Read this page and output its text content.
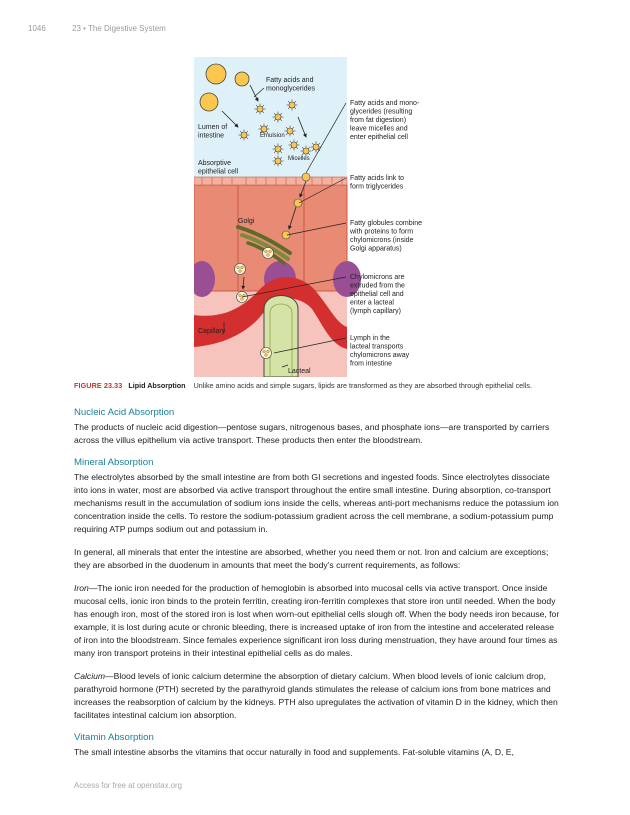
1046	23 • The Digestive System
Fatty acids and monoglycerides
Lumen of intestine	Emulsion
Micelles
Absorptive epithelial cell
Golgi
Capillary
Lacteal
Fatty acids and mono- glycerides (resulting from fat digestion) leave micelles and enter epithelial cell
Fatty acids link to form triglycerides
Fatty globules combine with proteins to form chylomicrons (inside Golgi apparatus)
Chylomicrons are extruded from the epithelial cell and enter a lacteal (lymph capillary)
Lymph in the lacteal transports chylomicrons away from intestine
FIGURE 23.33 Lipid Absorption Unlike amino acids and simple sugars, lipids are transformed as they are absorbed through epithelial cells.
Nucleic Acid Absorption

The products of nucleic acid digestion—pentose sugars, nitrogenous bases, and phosphate ions—are transported by carriers across the villus epithelium via active transport. These products then enter the bloodstream.

Mineral Absorption

The electrolytes absorbed by the small intestine are from both GI secretions and ingested foods. Since electrolytes dissociate into ions in water, most are absorbed via active transport throughout the entire small intestine. During absorption, co-transport mechanisms result in the accumulation of sodium ions inside the cells, whereas anti-port mechanisms reduce the potassium ion concentration inside the cells. To restore the sodium-potassium gradient across the cell membrane, a sodium-potassium pump requiring ATP pumps sodium out and potassium in.

In general, all minerals that enter the intestine are absorbed, whether you need them or not. Iron and calcium are exceptions; they are absorbed in the duodenum in amounts that meet the body’s current requirements, as follows:

Iron—The ionic iron needed for the production of hemoglobin is absorbed into mucosal cells via active transport. Once inside mucosal cells, ionic iron binds to the protein ferritin, creating iron-ferritin complexes that store iron until needed. When the body has enough iron, most of the stored iron is lost when worn-out epithelial cells slough off. When the body needs iron because, for example, it is lost during acute or chronic bleeding, there is increased uptake of iron from the intestine and accelerated release of iron into the bloodstream. Since females experience significant iron loss during menstruation, they have around four times as many iron transport proteins in their intestinal epithelial cells as do males.

Calcium—Blood levels of ionic calcium determine the absorption of dietary calcium. When blood levels of ionic calcium drop, parathyroid hormone (PTH) secreted by the parathyroid glands stimulates the release of calcium ions from bone matrices and increases the reabsorption of calcium by the kidneys. PTH also upregulates the activation of vitamin D in the kidney, which then facilitates intestinal calcium ion absorption.

Vitamin Absorption

The small intestine absorbs the vitamins that occur naturally in food and supplements. Fat-soluble vitamins (A, D, E,

Access for free at openstax.org
